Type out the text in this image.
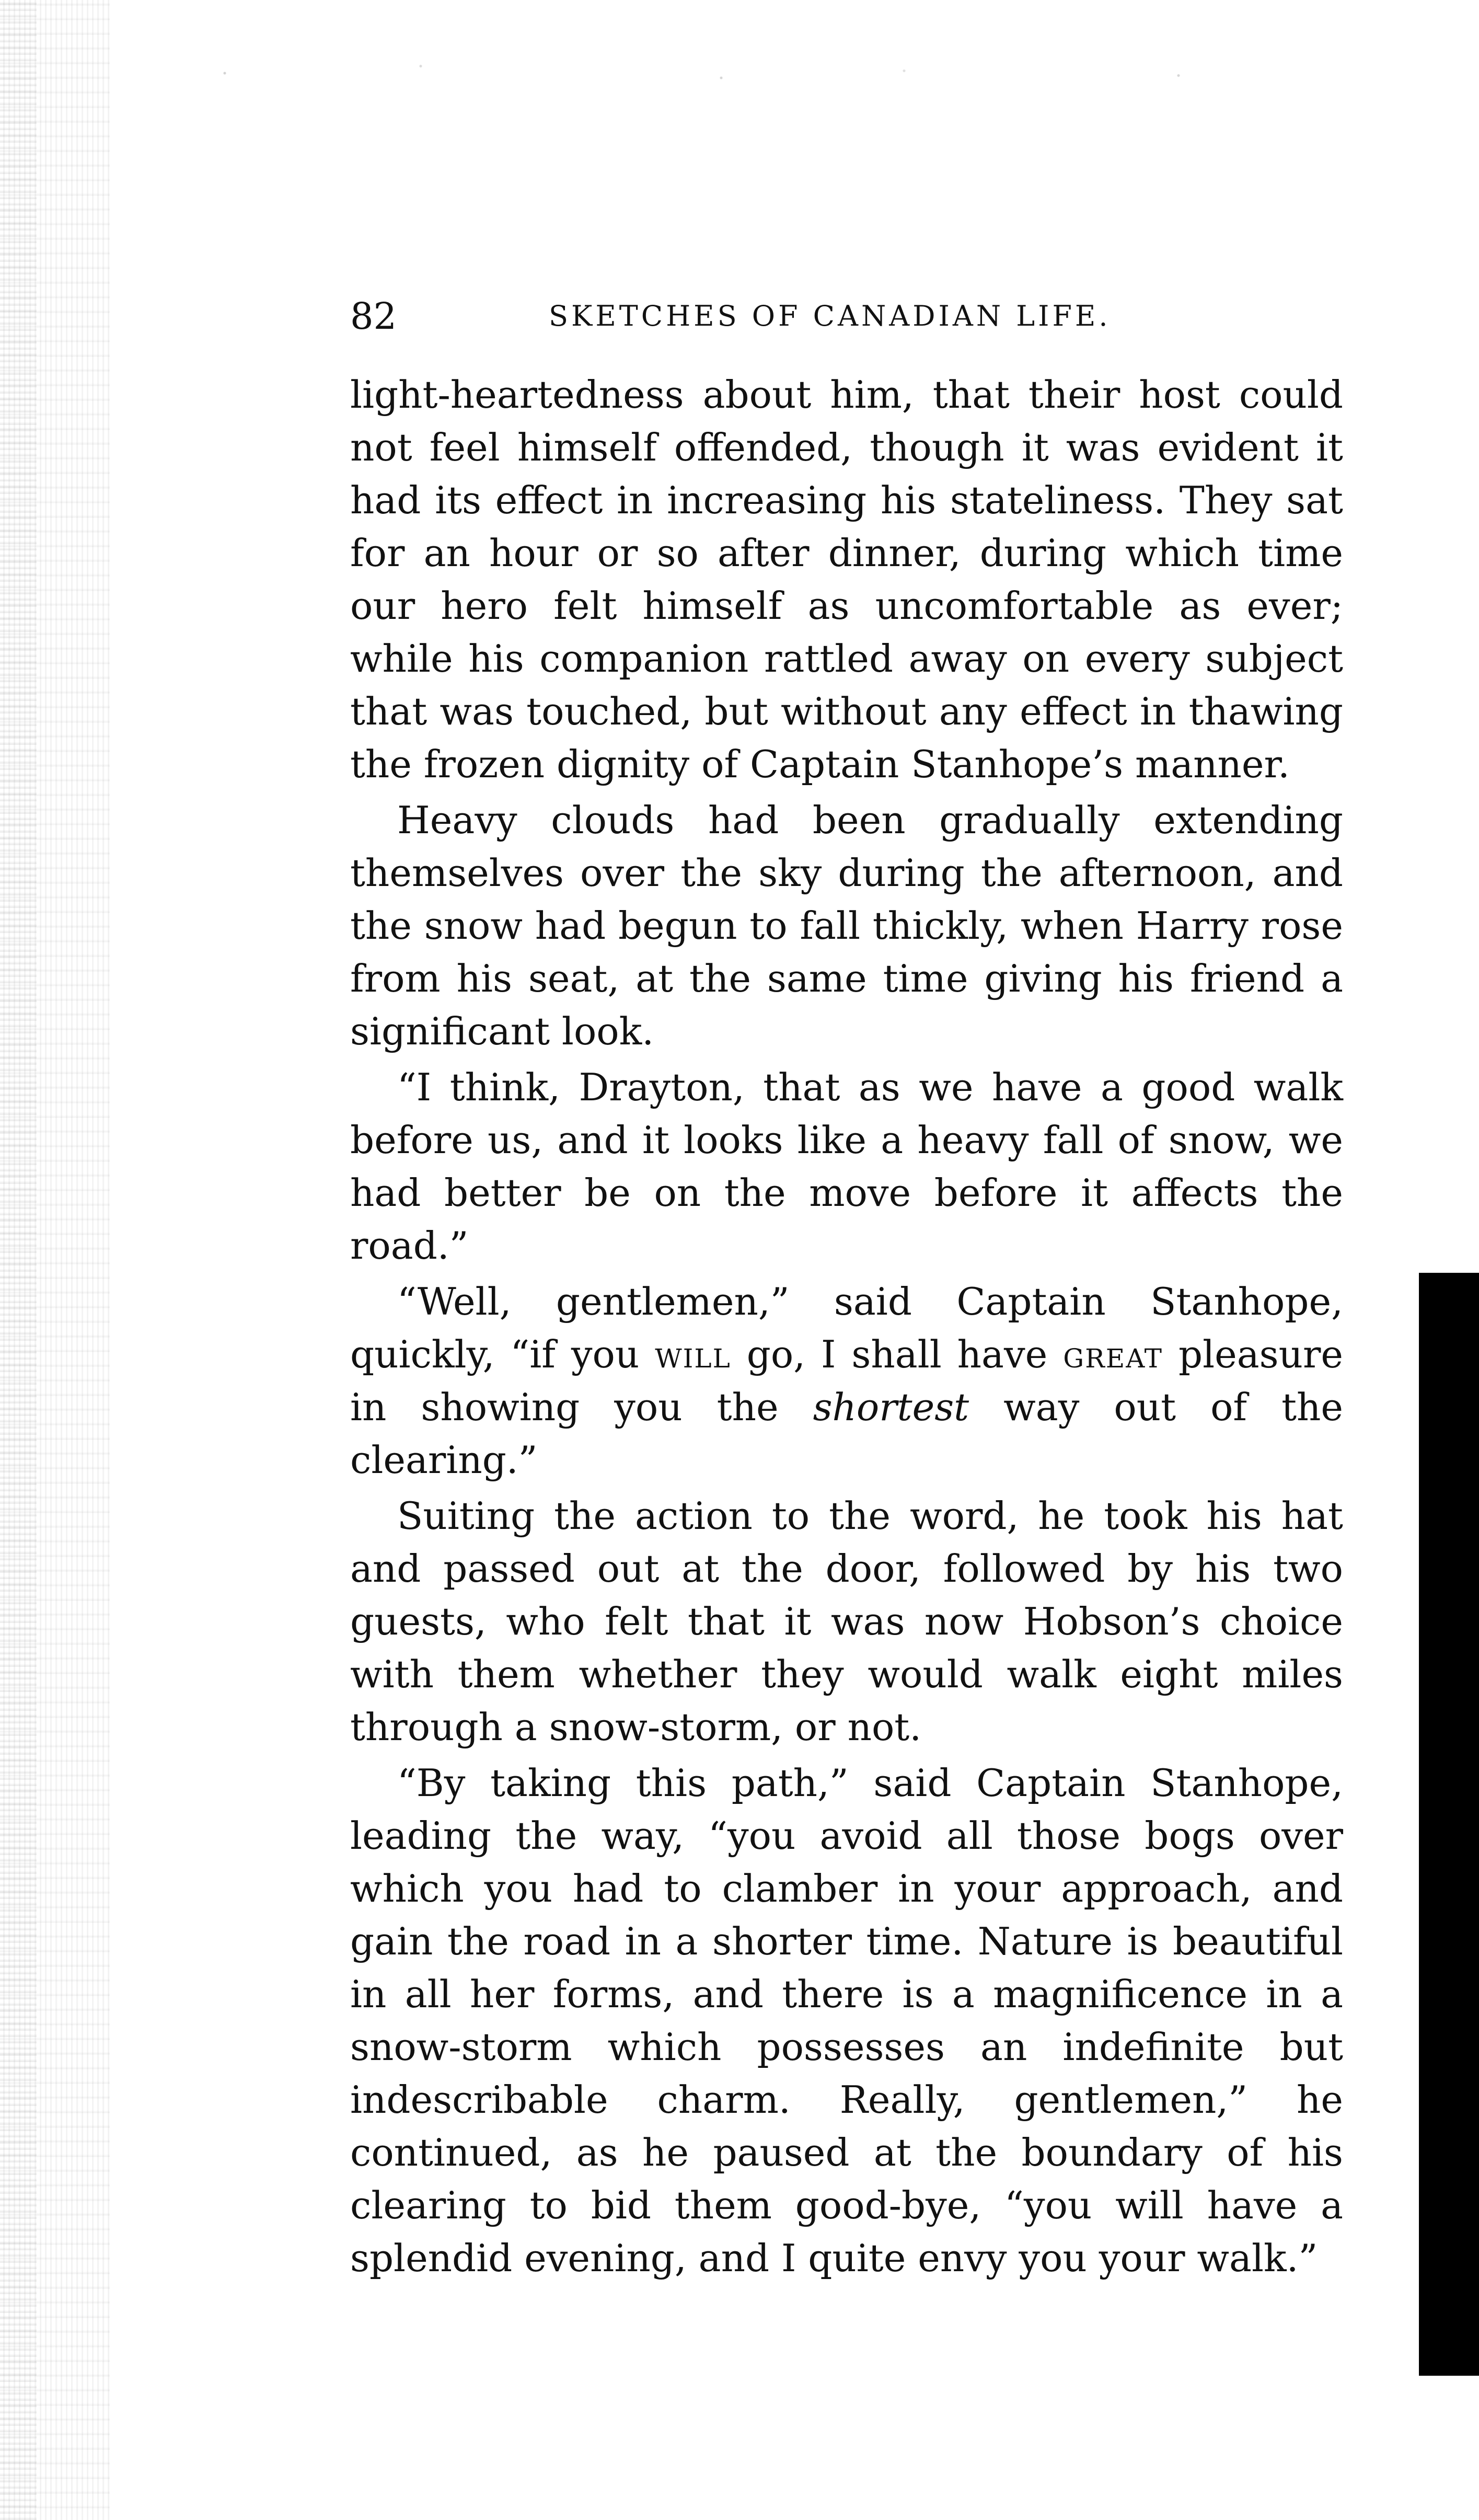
82	SKETCHES OF CANADIAN LIFE.

light-heartedness about him, that their host could not feel himself offended, though it was evident it had its effect in increasing his stateliness. They sat for an hour or so after dinner, during which time our hero felt himself as uncomfortable as ever; while his companion rattled away on every subject that was touched, but without any effect in thawing the frozen dignity of Captain Stanhope’s manner.

Heavy clouds had been gradually extending themselves over the sky during the afternoon, and the snow had begun to fall thickly, when Harry rose from his seat, at the same time giving his friend a significant look.

“I think, Drayton, that as we have a good walk before us, and it looks like a heavy fall of snow, we had better be on the move before it affects the road.”

“Well, gentlemen,” said Captain Stanhope, quickly, “if you will go, I shall have great pleasure in showing you the shortest way out of the clearing.”

Suiting the action to the word, he took his hat and passed out at the door, followed by his two guests, who felt that it was now Hobson’s choice with them whether they would walk eight miles through a snow-storm, or not.

“By taking this path,” said Captain Stanhope, leading the way, “you avoid all those bogs over which you had to clamber in your approach, and gain the road in a shorter time. Nature is beautiful in all her forms, and there is a magnificence in a snow-storm which possesses an indefinite but indescribable charm. Really, gentlemen,” he continued, as he paused at the boundary of his clearing to bid them good-bye, “you will have a splendid evening, and I quite envy you your walk.”
